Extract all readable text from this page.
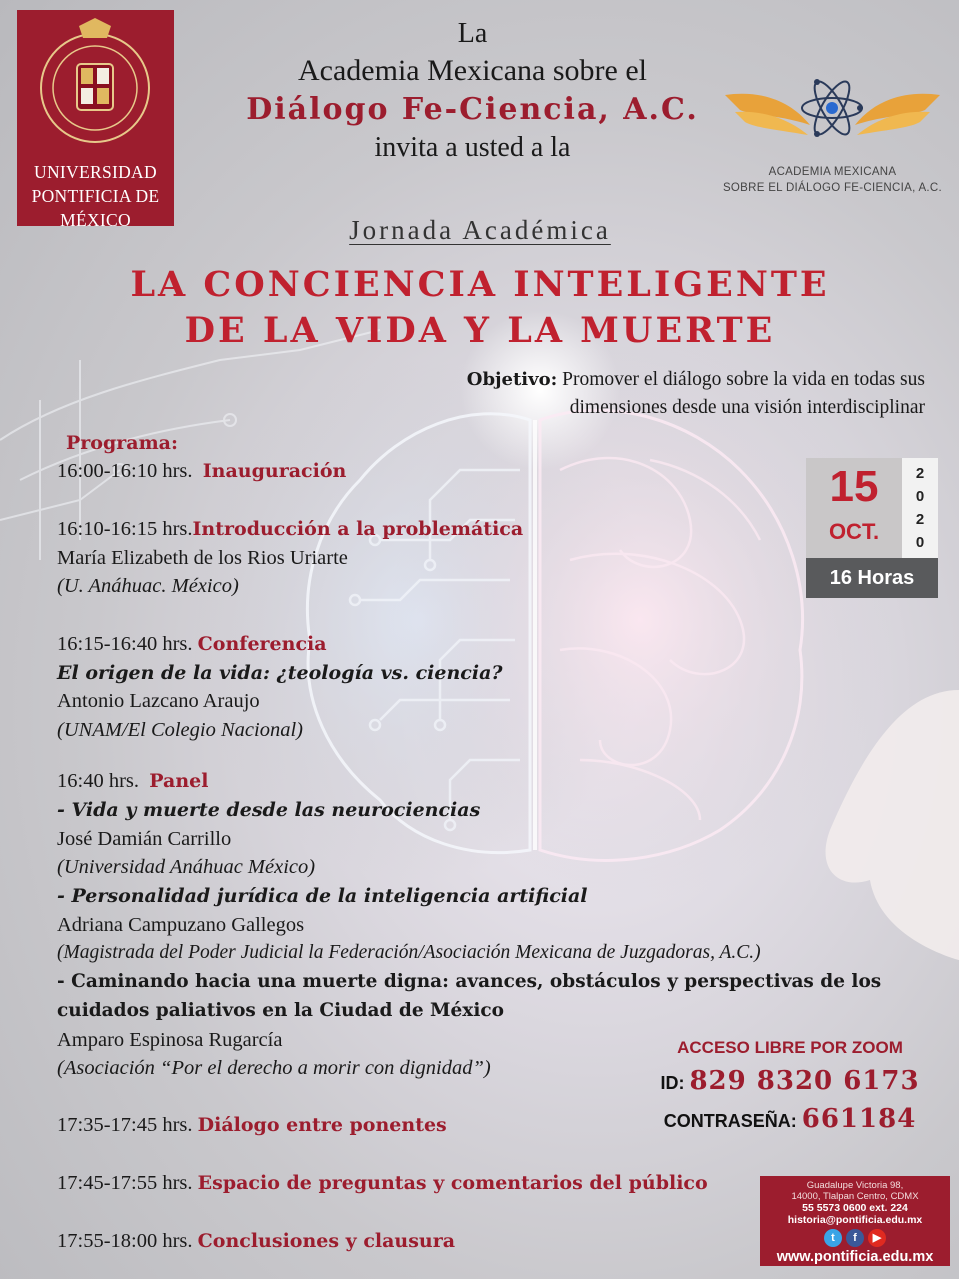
UNIVERSIDAD
PONTIFICIA DE
MÉXICO
La
Academia Mexicana sobre el
Diálogo Fe-Ciencia, A.C.
invita a usted a la
ACADEMIA MEXICANA
SOBRE EL DIÁLOGO FE-CIENCIA, A.C.
Jornada Académica
LA CONCIENCIA INTELIGENTE
DE LA VIDA Y LA MUERTE
Objetivo: Promover el diálogo sobre la vida en todas sus
dimensiones desde una visión interdisciplinar
15
OCT.
2
0
2
0
16 Horas
Programa:
16:00-16:10 hrs. Inauguración
16:10-16:15 hrs.Introducción a la problemática
María Elizabeth de los Rios Uriarte
(U. Anáhuac. México)
16:15-16:40 hrs. Conferencia
El origen de la vida: ¿teología vs. ciencia?
Antonio Lazcano Araujo
(UNAM/El Colegio Nacional)
16:40 hrs. Panel
- Vida y muerte desde las neurociencias
José Damián Carrillo
(Universidad Anáhuac México)
- Personalidad jurídica de la inteligencia artificial
Adriana Campuzano Gallegos
(Magistrada del Poder Judicial la Federación/Asociación Mexicana de Juzgadoras, A.C.)
- Caminando hacia una muerte digna: avances, obstáculos y perspectivas de los
cuidados paliativos en la Ciudad de México
Amparo Espinosa Rugarcía
(Asociación “Por el derecho a morir con dignidad”)
17:35-17:45 hrs. Diálogo entre ponentes
17:45-17:55 hrs. Espacio de preguntas y comentarios del público
17:55-18:00 hrs. Conclusiones y clausura
ACCESO LIBRE POR ZOOM
ID: 829 8320 6173
CONTRASEÑA: 661184
Guadalupe Victoria 98,
14000, Tlalpan Centro, CDMX
55 5573 0600 ext. 224
historia@pontificia.edu.mx
t	f	▶
www.pontificia.edu.mx
